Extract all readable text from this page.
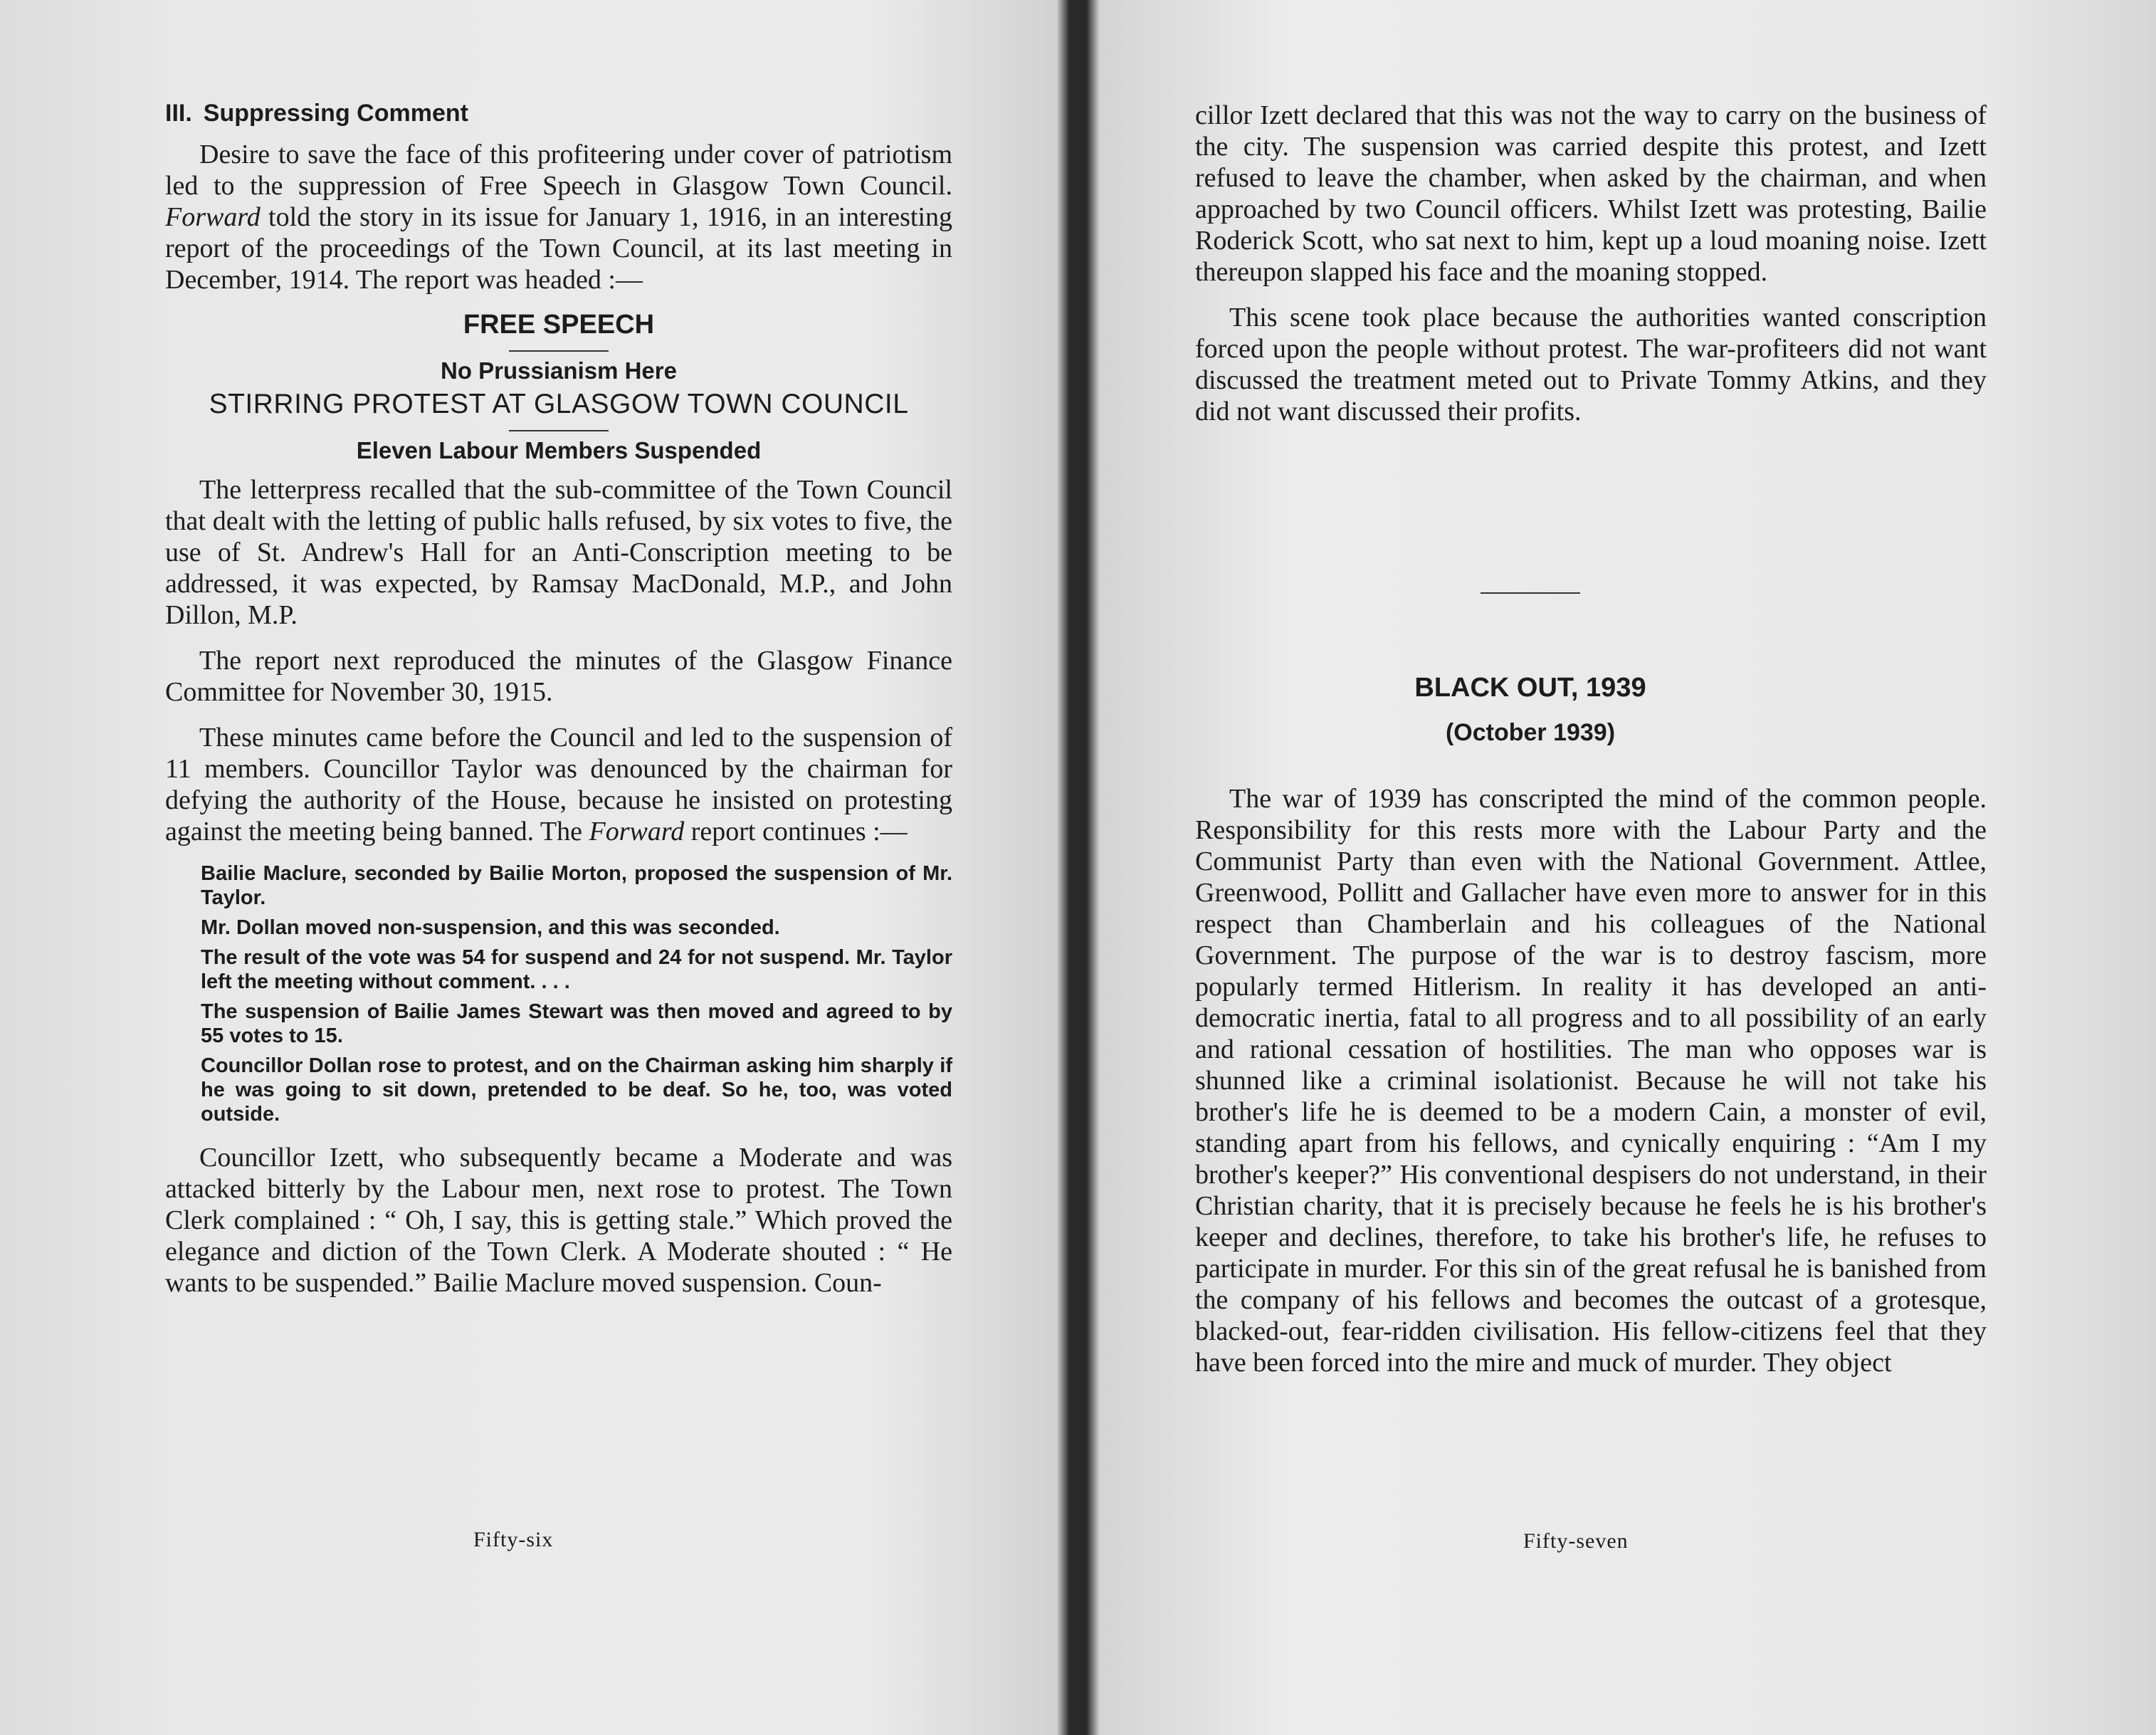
III. Suppressing Comment

Desire to save the face of this profiteering under cover of patriotism led to the suppression of Free Speech in Glasgow Town Council. Forward told the story in its issue for January 1, 1916, in an interesting report of the proceedings of the Town Council, at its last meeting in December, 1914. The report was headed :—

FREE SPEECH
No Prussianism Here
STIRRING PROTEST AT GLASGOW TOWN COUNCIL
Eleven Labour Members Suspended

The letterpress recalled that the sub-committee of the Town Council that dealt with the letting of public halls refused, by six votes to five, the use of St. Andrew's Hall for an Anti-Conscription meeting to be addressed, it was expected, by Ramsay MacDonald, M.P., and John Dillon, M.P.

The report next reproduced the minutes of the Glasgow Finance Committee for November 30, 1915.

These minutes came before the Council and led to the suspension of 11 members. Councillor Taylor was denounced by the chairman for defying the authority of the House, because he insisted on protesting against the meeting being banned. The Forward report continues :—

Bailie Maclure, seconded by Bailie Morton, proposed the suspension of Mr. Taylor.
Mr. Dollan moved non-suspension, and this was seconded.
The result of the vote was 54 for suspend and 24 for not suspend. Mr. Taylor left the meeting without comment. . . .
The suspension of Bailie James Stewart was then moved and agreed to by 55 votes to 15.
Councillor Dollan rose to protest, and on the Chairman asking him sharply if he was going to sit down, pretended to be deaf. So he, too, was voted outside.

Councillor Izett, who subsequently became a Moderate and was attacked bitterly by the Labour men, next rose to protest. The Town Clerk complained : “ Oh, I say, this is getting stale.” Which proved the elegance and diction of the Town Clerk. A Moderate shouted : “ He wants to be suspended.” Bailie Maclure moved suspension. Coun-

Fifty-six

cillor Izett declared that this was not the way to carry on the business of the city. The suspension was carried despite this protest, and Izett refused to leave the chamber, when asked by the chairman, and when approached by two Council officers. Whilst Izett was protesting, Bailie Roderick Scott, who sat next to him, kept up a loud moaning noise. Izett thereupon slapped his face and the moaning stopped.

This scene took place because the authorities wanted conscription forced upon the people without protest. The war-profiteers did not want discussed the treatment meted out to Private Tommy Atkins, and they did not want discussed their profits.

BLACK OUT, 1939
(October 1939)

The war of 1939 has conscripted the mind of the common people. Responsibility for this rests more with the Labour Party and the Communist Party than even with the National Government. Attlee, Greenwood, Pollitt and Gallacher have even more to answer for in this respect than Chamberlain and his colleagues of the National Government. The purpose of the war is to destroy fascism, more popularly termed Hitlerism. In reality it has developed an anti-democratic inertia, fatal to all progress and to all possibility of an early and rational cessation of hostilities. The man who opposes war is shunned like a criminal isolationist. Because he will not take his brother's life he is deemed to be a modern Cain, a monster of evil, standing apart from his fellows, and cynically enquiring : “Am I my brother's keeper?” His conventional despisers do not understand, in their Christian charity, that it is precisely because he feels he is his brother's keeper and declines, therefore, to take his brother's life, he refuses to participate in murder. For this sin of the great refusal he is banished from the company of his fellows and becomes the outcast of a grotesque, blacked-out, fear-ridden civilisation. His fellow-citizens feel that they have been forced into the mire and muck of murder. They object

Fifty-seven
